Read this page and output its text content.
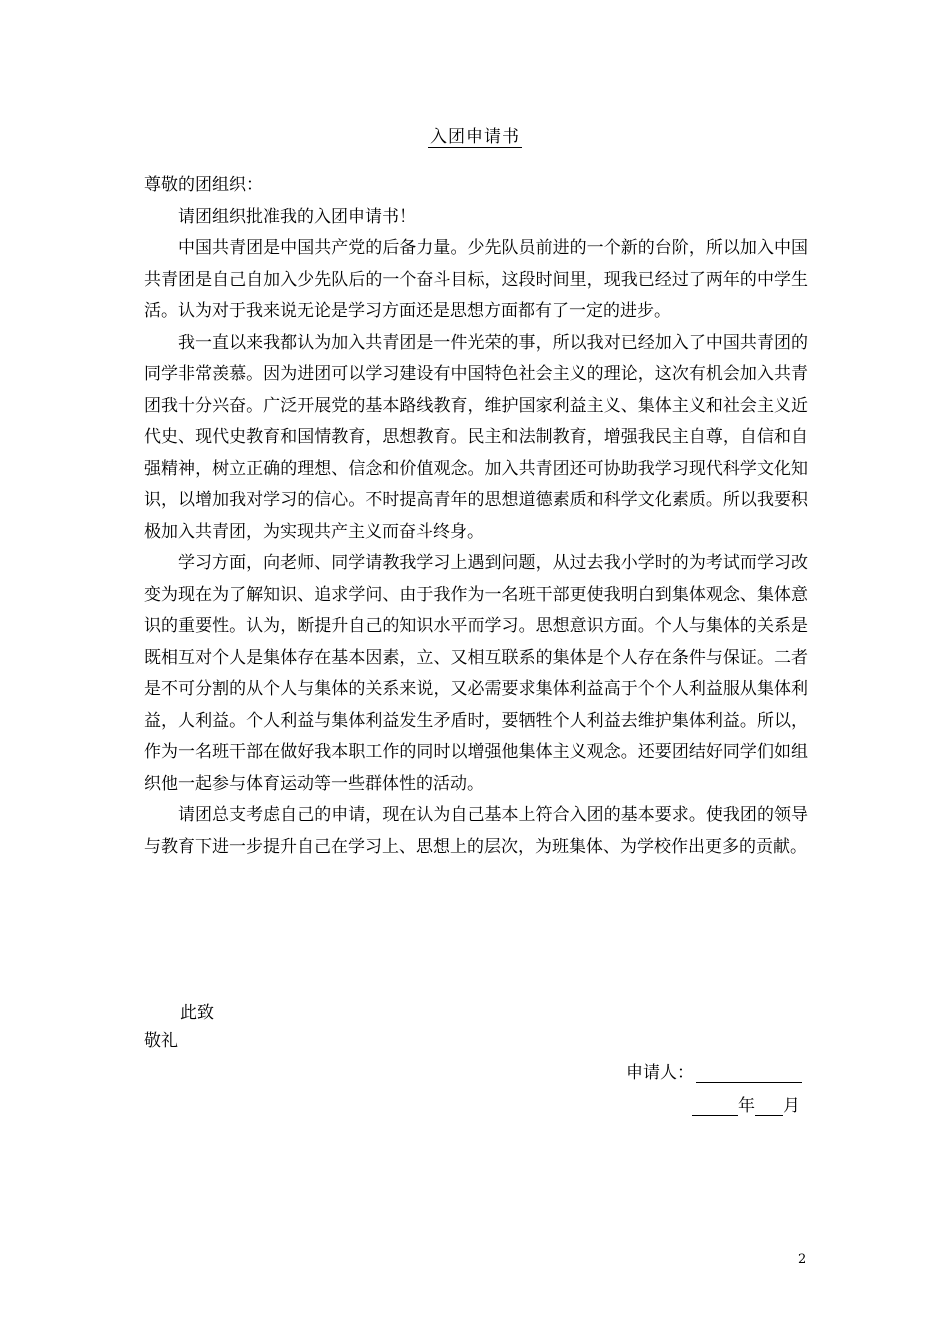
入团申请书

尊敬的团组织：

请团组织批准我的入团申请书！

中国共青团是中国共产党的后备力量。少先队员前进的一个新的台阶，所以加入中国共青团是自己自加入少先队后的一个奋斗目标，这段时间里，现我已经过了两年的中学生活。认为对于我来说无论是学习方面还是思想方面都有了一定的进步。

我一直以来我都认为加入共青团是一件光荣的事，所以我对已经加入了中国共青团的同学非常羡慕。因为进团可以学习建设有中国特色社会主义的理论，这次有机会加入共青团我十分兴奋。广泛开展党的基本路线教育，维护国家利益主义、集体主义和社会主义近代史、现代史教育和国情教育，思想教育。民主和法制教育，增强我民主自尊，自信和自强精神，树立正确的理想、信念和价值观念。加入共青团还可协助我学习现代科学文化知识，以增加我对学习的信心。不时提高青年的思想道德素质和科学文化素质。所以我要积极加入共青团，为实现共产主义而奋斗终身。

学习方面，向老师、同学请教我学习上遇到问题，从过去我小学时的为考试而学习改变为现在为了解知识、追求学问、由于我作为一名班干部更使我明白到集体观念、集体意识的重要性。认为，断提升自己的知识水平而学习。思想意识方面。个人与集体的关系是既相互对个人是集体存在基本因素，立、又相互联系的集体是个人存在条件与保证。二者是不可分割的从个人与集体的关系来说，又必需要求集体利益高于个个人利益服从集体利益，人利益。个人利益与集体利益发生矛盾时，要牺牲个人利益去维护集体利益。所以，作为一名班干部在做好我本职工作的同时以增强他集体主义观念。还要团结好同学们如组织他一起参与体育运动等一些群体性的活动。

请团总支考虑自己的申请，现在认为自己基本上符合入团的基本要求。使我团的领导与教育下进一步提升自己在学习上、思想上的层次，为班集体、为学校作出更多的贡献。

此致
敬礼
申请人：
年 月
2
